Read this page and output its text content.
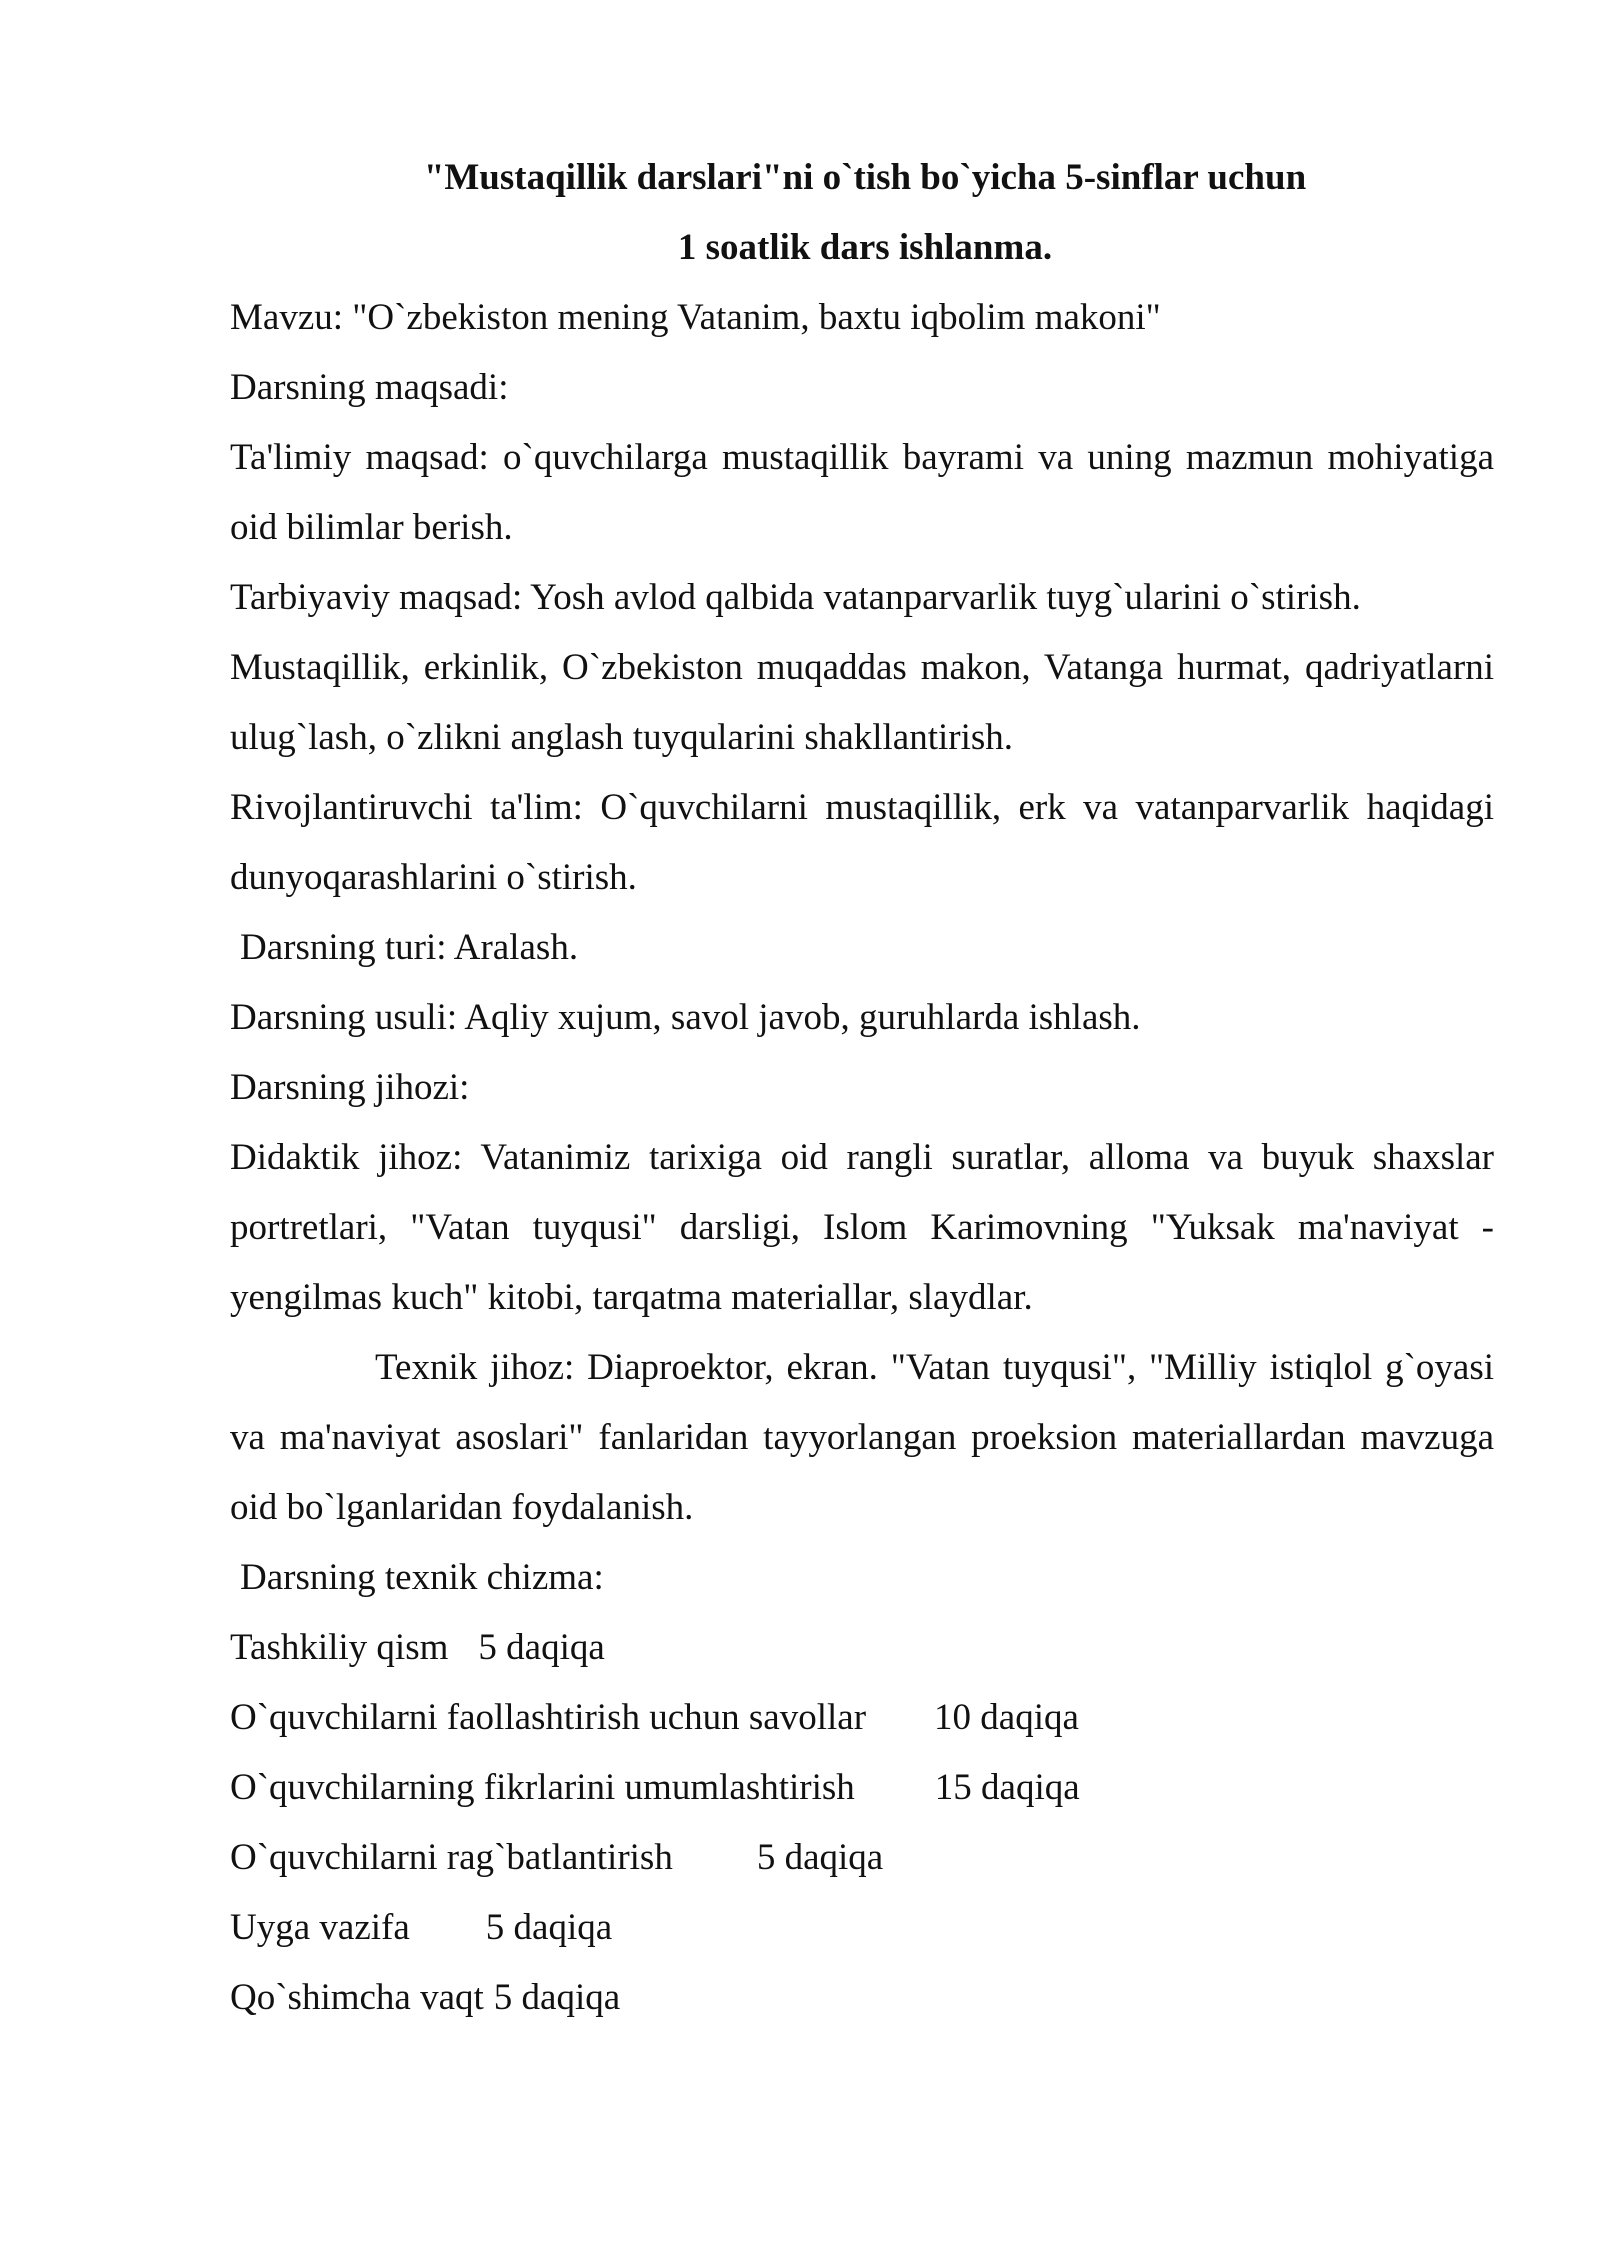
"Mustaqillik darslari"ni o`tish bo`yicha 5-sinflar uchun

1 soatlik dars ishlanma.

Mavzu: "O`zbekiston mening Vatanim, baxtu iqbolim makoni"

Darsning maqsadi:

Ta'limiy maqsad: o`quvchilarga mustaqillik bayrami va uning mazmun mohiyatiga oid bilimlar berish.

Tarbiyaviy maqsad: Yosh avlod qalbida vatanparvarlik tuyg`ularini o`stirish.

Mustaqillik, erkinlik, O`zbekiston muqaddas makon, Vatanga hurmat, qadriyatlarni ulug`lash, o`zlikni anglash tuyqularini shakllantirish.

Rivojlantiruvchi ta'lim: O`quvchilarni mustaqillik, erk va vatanparvarlik haqidagi dunyoqarashlarini o`stirish.

Darsning turi: Aralash.

Darsning usuli: Aqliy xujum, savol javob, guruhlarda ishlash.

Darsning jihozi:

Didaktik jihoz: Vatanimiz tarixiga oid rangli suratlar, alloma va buyuk shaxslar portretlari, "Vatan tuyqusi" darsligi, Islom Karimovning "Yuksak ma'naviyat - yengilmas kuch" kitobi, tarqatma materiallar, slaydlar.

Texnik jihoz: Diaproektor, ekran. "Vatan tuyqusi", "Milliy istiqlol g`oyasi va ma'naviyat asoslari" fanlaridan tayyorlangan proeksion materiallardan mavzuga oid bo`lganlaridan foydalanish.

Darsning texnik chizma:

Tashkiliy qism 5 daqiqa

O`quvchilarni faollashtirish uchun savollar 10 daqiqa

O`quvchilarning fikrlarini umumlashtirish 15 daqiqa

O`quvchilarni rag`batlantirish 5 daqiqa

Uyga vazifa 5 daqiqa

Qo`shimcha vaqt 5 daqiqa
